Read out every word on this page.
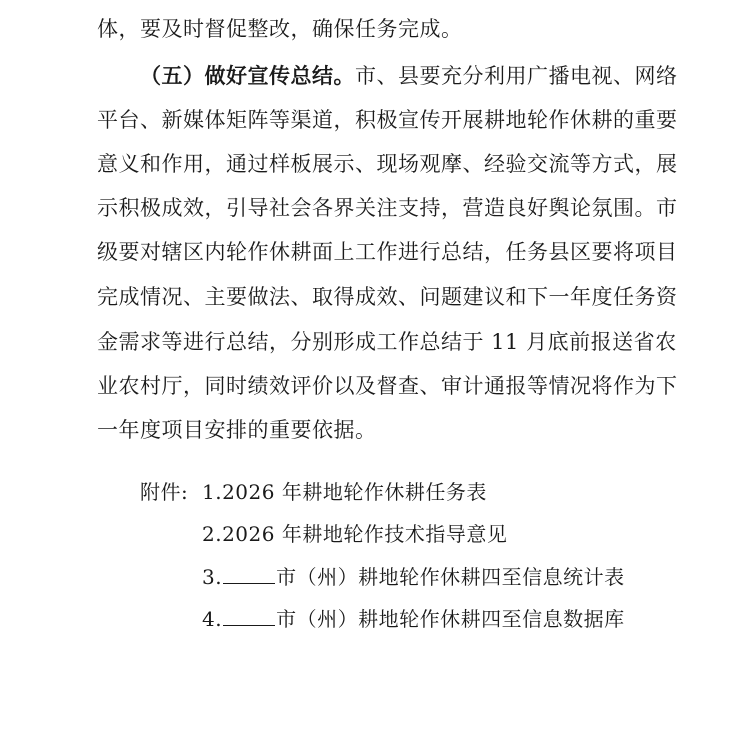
体，要及时督促整改，确保任务完成。
（五）做好宣传总结。市、县要充分利用广播电视、网络
平台、新媒体矩阵等渠道，积极宣传开展耕地轮作休耕的重要
意义和作用，通过样板展示、现场观摩、经验交流等方式，展
示积极成效，引导社会各界关注支持，营造良好舆论氛围。市
级要对辖区内轮作休耕面上工作进行总结，任务县区要将项目
完成情况、主要做法、取得成效、问题建议和下一年度任务资
金需求等进行总结，分别形成工作总结于 11 月底前报送省农
业农村厅，同时绩效评价以及督查、审计通报等情况将作为下
一年度项目安排的重要依据。
附件: 1.2026 年耕地轮作休耕任务表
2.2026 年耕地轮作技术指导意见
3.	市（州）耕地轮作休耕四至信息统计表
4.	市（州）耕地轮作休耕四至信息数据库
